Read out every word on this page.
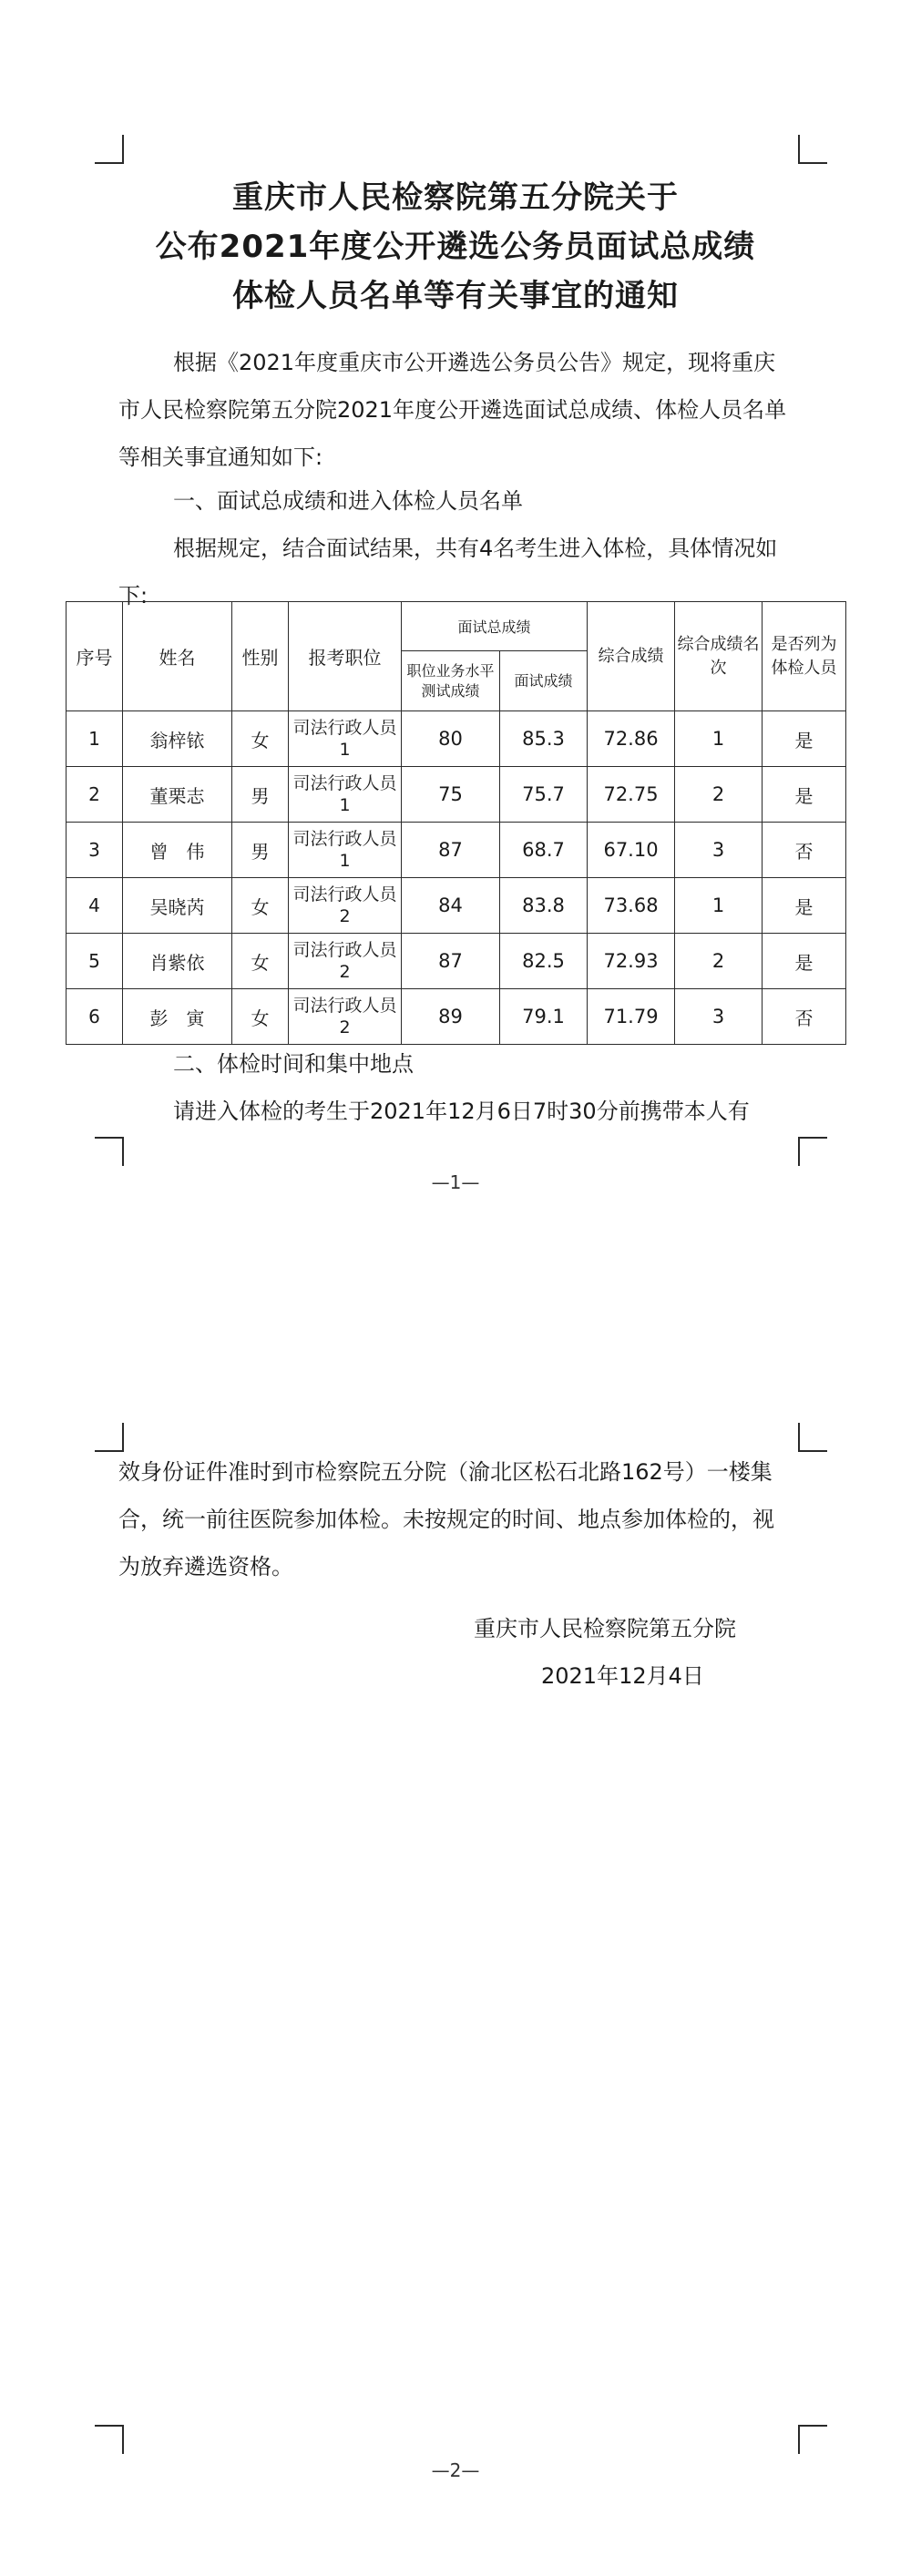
重庆市人民检察院第五分院关于
公布2021年度公开遴选公务员面试总成绩
体检人员名单等有关事宜的通知

根据《2021年度重庆市公开遴选公务员公告》规定，现将重庆市人民检察院第五分院2021年度公开遴选面试总成绩、体检人员名单等相关事宜通知如下:

一、面试总成绩和进入体检人员名单

根据规定，结合面试结果，共有4名考生进入体检，具体情况如下:

序号	姓名	性别	报考职位	面试总成绩		综合成绩	综合成绩名次	是否列为体检人员
				职位业务水平测试成绩	面试成绩			
1	翁梓铱	女	司法行政人员1	80	85.3	72.86	1	是
2	董栗志	男	司法行政人员1	75	75.7	72.75	2	是
3	曾　伟	男	司法行政人员1	87	68.7	67.10	3	否
4	吴晓芮	女	司法行政人员2	84	83.8	73.68	1	是
5	肖紫依	女	司法行政人员2	87	82.5	72.93	2	是
6	彭　寅	女	司法行政人员2	89	79.1	71.79	3	否

二、体检时间和集中地点

请进入体检的考生于2021年12月6日7时30分前携带本人有

—1—

效身份证件准时到市检察院五分院（渝北区松石北路162号）一楼集合，统一前往医院参加体检。未按规定的时间、地点参加体检的，视为放弃遴选资格。

重庆市人民检察院第五分院
2021年12月4日
—2—
